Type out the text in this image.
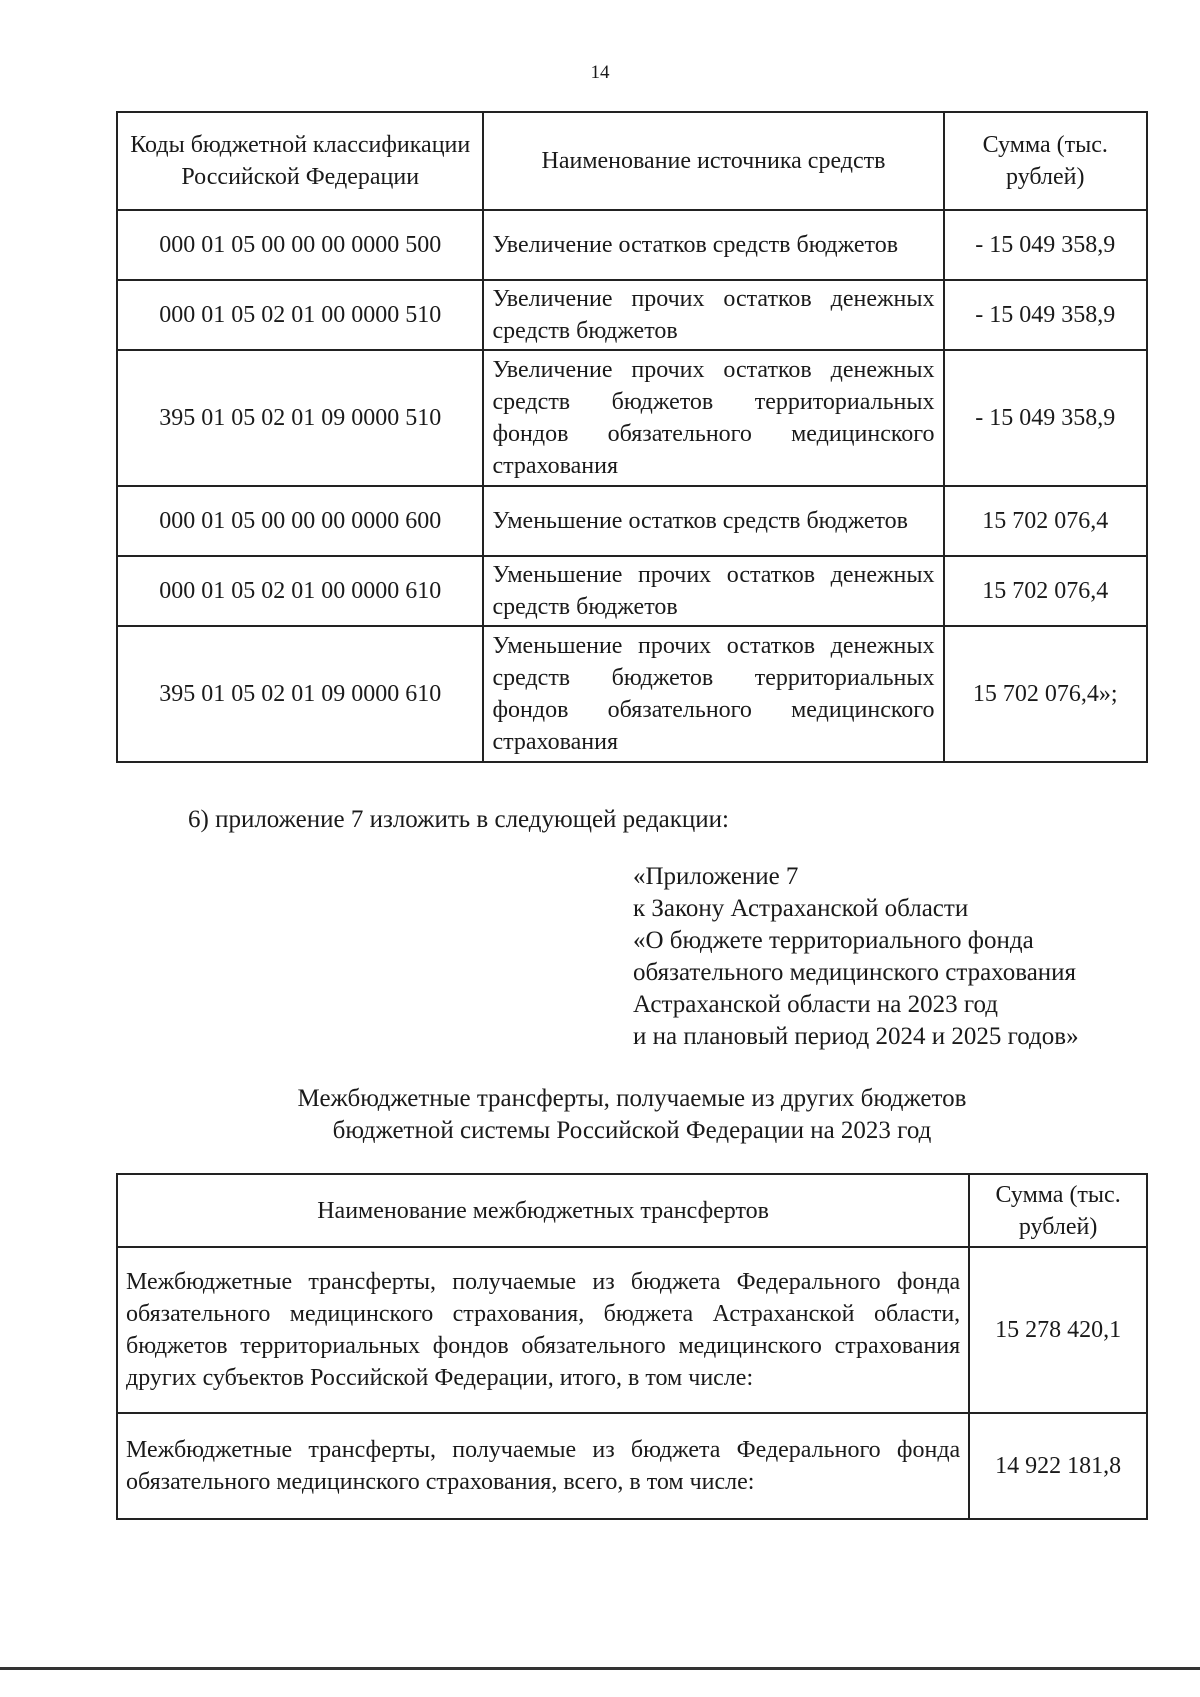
14
Коды бюджетной классификации Российской Федерации	Наименование источника средств	Сумма (тыс. рублей)
000 01 05 00 00 00 0000 500	Увеличение остатков средств бюджетов	- 15 049 358,9
000 01 05 02 01 00 0000 510	Увеличение прочих остатков денежных средств бюджетов	- 15 049 358,9
395 01 05 02 01 09 0000 510	Увеличение прочих остатков денежных средств бюджетов территориальных фондов обязательного медицинского страхования	- 15 049 358,9
000 01 05 00 00 00 0000 600	Уменьшение остатков средств бюджетов	15 702 076,4
000 01 05 02 01 00 0000 610	Уменьшение прочих остатков денежных средств бюджетов	15 702 076,4
395 01 05 02 01 09 0000 610	Уменьшение прочих остатков денежных средств бюджетов территориальных фондов обязательного медицинского страхования	15 702 076,4»;
6) приложение 7 изложить в следующей редакции:
«Приложение 7
к Закону Астраханской области
«О бюджете территориального фонда
обязательного медицинского страхования
Астраханской области на 2023 год
и на плановый период 2024 и 2025 годов»
Межбюджетные трансферты, получаемые из других бюджетов
бюджетной системы Российской Федерации на 2023 год
Наименование межбюджетных трансфертов	Сумма (тыс. рублей)
Межбюджетные трансферты, получаемые из бюджета Федерального фонда обязательного медицинского страхования, бюджета Астраханской области, бюджетов территориальных фондов обязательного медицинского страхования других субъектов Российской Федерации, итого, в том числе:	15 278 420,1
Межбюджетные трансферты, получаемые из бюджета Федерального фонда обязательного медицинского страхования, всего, в том числе:	14 922 181,8
